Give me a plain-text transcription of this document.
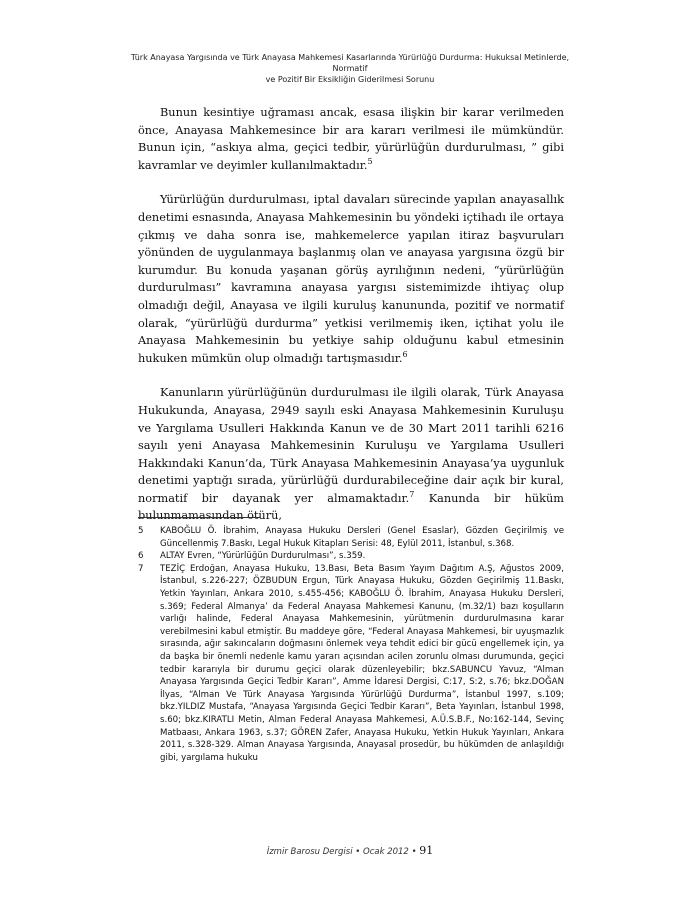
Türk Anayasa Yargısında ve Türk Anayasa Mahkemesi Kasarlarında Yürürlüğü Durdurma: Hukuksal Metinlerde, Normatif
ve Pozitif Bir Eksikliğin Giderilmesi Sorunu

Bunun kesintiye uğraması ancak, esasa ilişkin bir karar verilmeden önce, Anayasa Mahkemesince bir ara kararı verilmesi ile mümkündür. Bunun için, “askıya alma, geçici tedbir, yürürlüğün durdurulması, ” gibi kavramlar ve deyimler kullanılmaktadır.$^5$

Yürürlüğün durdurulması, iptal davaları sürecinde yapılan anayasallık denetimi esnasında, Anayasa Mahkemesinin bu yöndeki içtihadı ile ortaya çıkmış ve daha sonra ise, mahkemelerce yapılan itiraz başvuruları yönünden de uygulanmaya başlanmış olan ve anayasa yargısına özgü bir kurumdur. Bu konuda yaşanan görüş ayrılığının nedeni, “yürürlüğün durdurulması” kavramına anayasa yargısı sistemimizde ihtiyaç olup olmadığı değil, Anayasa ve ilgili kuruluş kanununda, pozitif ve normatif olarak, “yürürlüğü durdurma” yetkisi verilmemiş iken, içtihat yolu ile Anayasa Mahkemesinin bu yetkiye sahip olduğunu kabul etmesinin hukuken mümkün olup olmadığı tartışmasıdır.$^6$

Kanunların yürürlüğünün durdurulması ile ilgili olarak, Türk Anayasa Hukukunda, Anayasa, 2949 sayılı eski Anayasa Mahkemesinin Kuruluşu ve Yargılama Usulleri Hakkında Kanun ve de 30 Mart 2011 tarihli 6216 sayılı yeni Anayasa Mahkemesinin Kuruluşu ve Yargılama Usulleri Hakkındaki Kanun’da, Türk Anayasa Mahkemesinin Anayasa’ya uygunluk denetimi yaptığı sırada, yürürlüğü durdurabileceğine dair açık bir kural, normatif bir dayanak yer almamaktadır.$^7$ Kanunda bir hüküm bulunmamasından ötürü,

5	KABOĞLU Ö. İbrahim, Anayasa Hukuku Dersleri (Genel Esaslar), Gözden Geçirilmiş ve Güncellenmiş 7.Baskı, Legal Hukuk Kitapları Serisi: 48, Eylül 2011, İstanbul, s.368.
6	ALTAY Evren, “Yürürlüğün Durdurulması”, s.359.
7	TEZİÇ Erdoğan, Anayasa Hukuku, 13.Bası, Beta Basım Yayım Dağıtım A.Ş, Ağustos 2009, İstanbul, s.226-227; ÖZBUDUN Ergun, Türk Anayasa Hukuku, Gözden Geçirilmiş 11.Baskı, Yetkin Yayınları, Ankara 2010, s.455-456; KABOĞLU Ö. İbrahim, Anayasa Hukuku Dersleri, s.369; Federal Almanya’ da Federal Anayasa Mahkemesi Kanunu, (m.32/1) bazı koşulların varlığı halinde, Federal Anayasa Mahkemesinin, yürütmenin durdurulmasına karar verebilmesini kabul etmiştir. Bu maddeye göre, “Federal Anayasa Mahkemesi, bir uyuşmazlık sırasında, ağır sakıncaların doğmasını önlemek veya tehdit edici bir gücü engellemek için, ya da başka bir önemli nedenle kamu yararı açısından acilen zorunlu olması durumunda, geçici tedbir kararıyla bir durumu geçici olarak düzenleyebilir; bkz.SABUNCU Yavuz, “Alman Anayasa Yargısında Geçici Tedbir Kararı”, Amme İdaresi Dergisi, C:17, S:2, s.76; bkz.DOĞAN İlyas, “Alman Ve Türk Anayasa Yargısında Yürürlüğü Durdurma”, İstanbul 1997, s.109; bkz.YILDIZ Mustafa, “Anayasa Yargısında Geçici Tedbir Kararı”, Beta Yayınları, İstanbul 1998, s.60; bkz.KIRATLI Metin, Alman Federal Anayasa Mahkemesi, A.Ü.S.B.F., No:162-144, Sevinç Matbaası, Ankara 1963, s.37; GÖREN Zafer, Anayasa Hukuku, Yetkin Hukuk Yayınları, Ankara 2011, s.328-329. Alman Anayasa Yargısında, Anayasal prosedür, bu hükümden de anlaşıldığı gibi, yargılama hukuku
İzmir Barosu Dergisi • Ocak 2012 • 91
